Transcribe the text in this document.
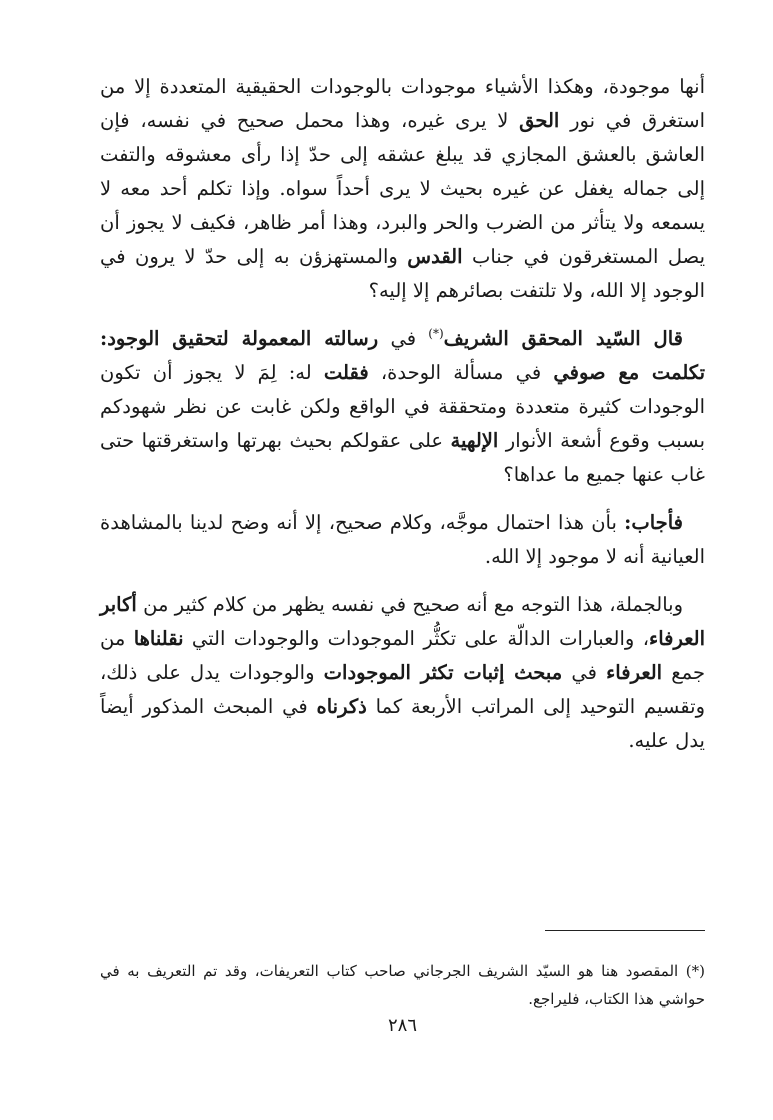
أنها موجودة، وهكذا الأشياء موجودات بالوجودات الحقيقية المتعددة إلا من استغرق في نور الحق لا يرى غيره، وهذا محمل صحيح في نفسه، فإن العاشق بالعشق المجازي قد يبلغ عشقه إلى حدّ إذا رأى معشوقه والتفت إلى جماله يغفل عن غيره بحيث لا يرى أحداً سواه. وإذا تكلم أحد معه لا يسمعه ولا يتأثر من الضرب والحر والبرد، وهذا أمر ظاهر، فكيف لا يجوز أن يصل المستغرقون في جناب القدس والمستهزؤن به إلى حدّ لا يرون في الوجود إلا الله، ولا تلتفت بصائرهم إلا إليه؟

قال السّيد المحقق الشريف(*) في رسالته المعمولة لتحقيق الوجود: تكلمت مع صوفي في مسألة الوحدة، فقلت له: لِمَ لا يجوز أن تكون الوجودات كثيرة متعددة ومتحققة في الواقع ولكن غابت عن نظر شهودكم بسبب وقوع أشعة الأنوار الإلهية على عقولكم بحيث بهرتها واستغرقتها حتى غاب عنها جميع ما عداها؟

فأجاب: بأن هذا احتمال موجَّه، وكلام صحيح، إلا أنه وضح لدينا بالمشاهدة العيانية أنه لا موجود إلا الله.

وبالجملة، هذا التوجه مع أنه صحيح في نفسه يظهر من كلام كثير من أكابر العرفاء، والعبارات الدالّة على تكثُّر الموجودات والوجودات التي نقلناها من جمع العرفاء في مبحث إثبات تكثر الموجودات والوجودات يدل على ذلك، وتقسيم التوحيد إلى المراتب الأربعة كما ذكرناه في المبحث المذكور أيضاً يدل عليه.

(*) المقصود هنا هو السيّد الشريف الجرجاني صاحب كتاب التعريفات، وقد تم التعريف به في حواشي هذا الكتاب، فليراجع.

٢٨٦
